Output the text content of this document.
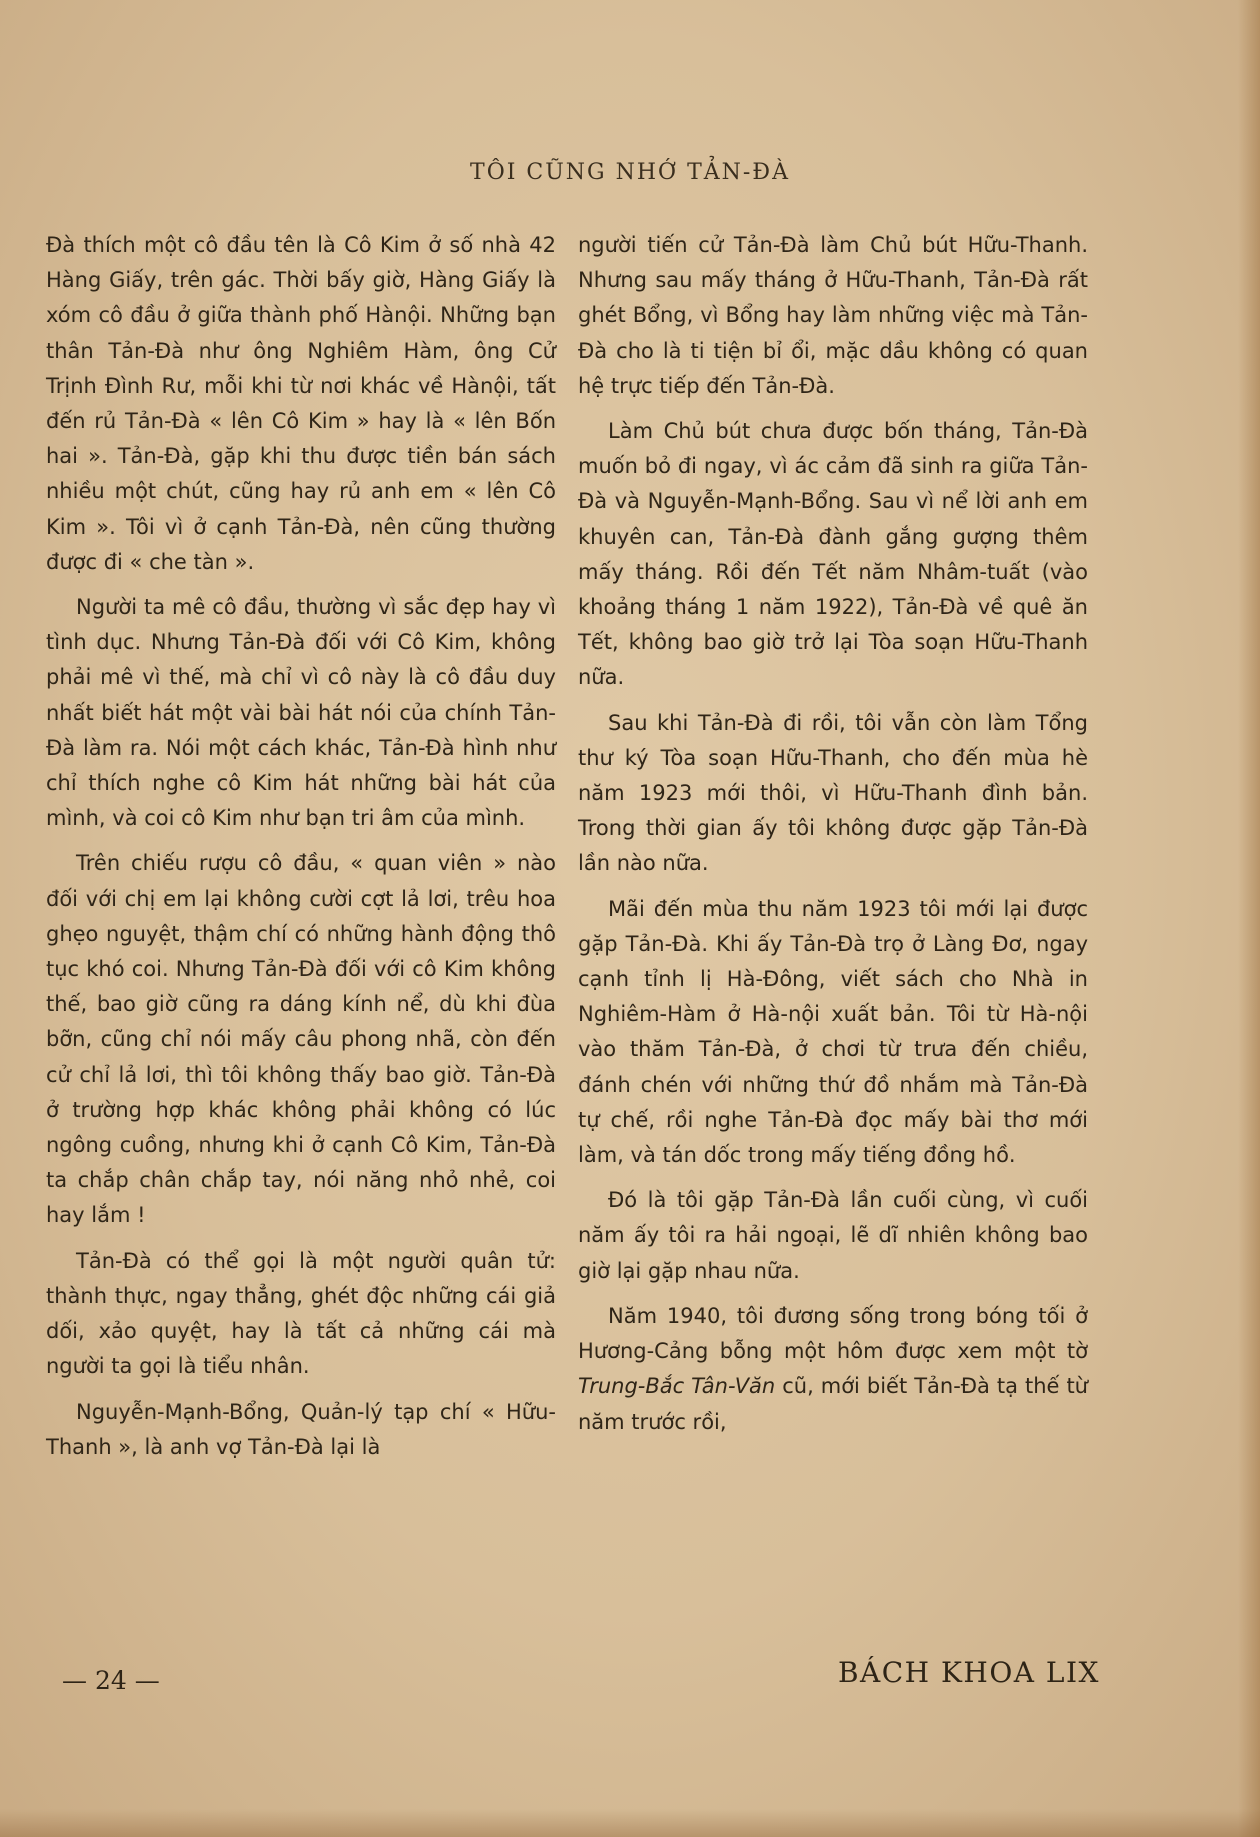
TÔI CŨNG NHỚ TẢN-ĐÀ

Đà thích một cô đầu tên là Cô Kim ở số nhà 42 Hàng Giấy, trên gác. Thời bấy giờ, Hàng Giấy là xóm cô đầu ở giữa thành phố Hànội. Những bạn thân Tản-Đà như ông Nghiêm Hàm, ông Cử Trịnh Đình Rư, mỗi khi từ nơi khác về Hànội, tất đến rủ Tản-Đà « lên Cô Kim » hay là « lên Bốn hai ». Tản-Đà, gặp khi thu được tiền bán sách nhiều một chút, cũng hay rủ anh em « lên Cô Kim ». Tôi vì ở cạnh Tản-Đà, nên cũng thường được đi « che tàn ».

Người ta mê cô đầu, thường vì sắc đẹp hay vì tình dục. Nhưng Tản-Đà đối với Cô Kim, không phải mê vì thế, mà chỉ vì cô này là cô đầu duy nhất biết hát một vài bài hát nói của chính Tản-Đà làm ra. Nói một cách khác, Tản-Đà hình như chỉ thích nghe cô Kim hát những bài hát của mình, và coi cô Kim như bạn tri âm của mình.

Trên chiếu rượu cô đầu, « quan viên » nào đối với chị em lại không cười cợt lả lơi, trêu hoa ghẹo nguyệt, thậm chí có những hành động thô tục khó coi. Nhưng Tản-Đà đối với cô Kim không thế, bao giờ cũng ra dáng kính nể, dù khi đùa bỡn, cũng chỉ nói mấy câu phong nhã, còn đến cử chỉ lả lơi, thì tôi không thấy bao giờ. Tản-Đà ở trường hợp khác không phải không có lúc ngông cuồng, nhưng khi ở cạnh Cô Kim, Tản-Đà ta chắp chân chắp tay, nói năng nhỏ nhẻ, coi hay lắm !

Tản-Đà có thể gọi là một người quân tử: thành thực, ngay thẳng, ghét độc những cái giả dối, xảo quyệt, hay là tất cả những cái mà người ta gọi là tiểu nhân.

Nguyễn-Mạnh-Bổng, Quản-lý tạp chí « Hữu-Thanh », là anh vợ Tản-Đà lại là

người tiến cử Tản-Đà làm Chủ bút Hữu-Thanh. Nhưng sau mấy tháng ở Hữu-Thanh, Tản-Đà rất ghét Bổng, vì Bổng hay làm những việc mà Tản-Đà cho là ti tiện bỉ ổi, mặc dầu không có quan hệ trực tiếp đến Tản-Đà.

Làm Chủ bút chưa được bốn tháng, Tản-Đà muốn bỏ đi ngay, vì ác cảm đã sinh ra giữa Tản-Đà và Nguyễn-Mạnh-Bổng. Sau vì nể lời anh em khuyên can, Tản-Đà đành gắng gượng thêm mấy tháng. Rồi đến Tết năm Nhâm-tuất (vào khoảng tháng 1 năm 1922), Tản-Đà về quê ăn Tết, không bao giờ trở lại Tòa soạn Hữu-Thanh nữa.

Sau khi Tản-Đà đi rồi, tôi vẫn còn làm Tổng thư ký Tòa soạn Hữu-Thanh, cho đến mùa hè năm 1923 mới thôi, vì Hữu-Thanh đình bản. Trong thời gian ấy tôi không được gặp Tản-Đà lần nào nữa.

Mãi đến mùa thu năm 1923 tôi mới lại được gặp Tản-Đà. Khi ấy Tản-Đà trọ ở Làng Đơ, ngay cạnh tỉnh lị Hà-Đông, viết sách cho Nhà in Nghiêm-Hàm ở Hà-nội xuất bản. Tôi từ Hà-nội vào thăm Tản-Đà, ở chơi từ trưa đến chiều, đánh chén với những thứ đồ nhắm mà Tản-Đà tự chế, rồi nghe Tản-Đà đọc mấy bài thơ mới làm, và tán dốc trong mấy tiếng đồng hồ.

Đó là tôi gặp Tản-Đà lần cuối cùng, vì cuối năm ấy tôi ra hải ngoại, lẽ dĩ nhiên không bao giờ lại gặp nhau nữa.

Năm 1940, tôi đương sống trong bóng tối ở Hương-Cảng bỗng một hôm được xem một tờ Trung-Bắc Tân-Văn cũ, mới biết Tản-Đà tạ thế từ năm trước rồi,

— 24 —	BÁCH KHOA LIX
